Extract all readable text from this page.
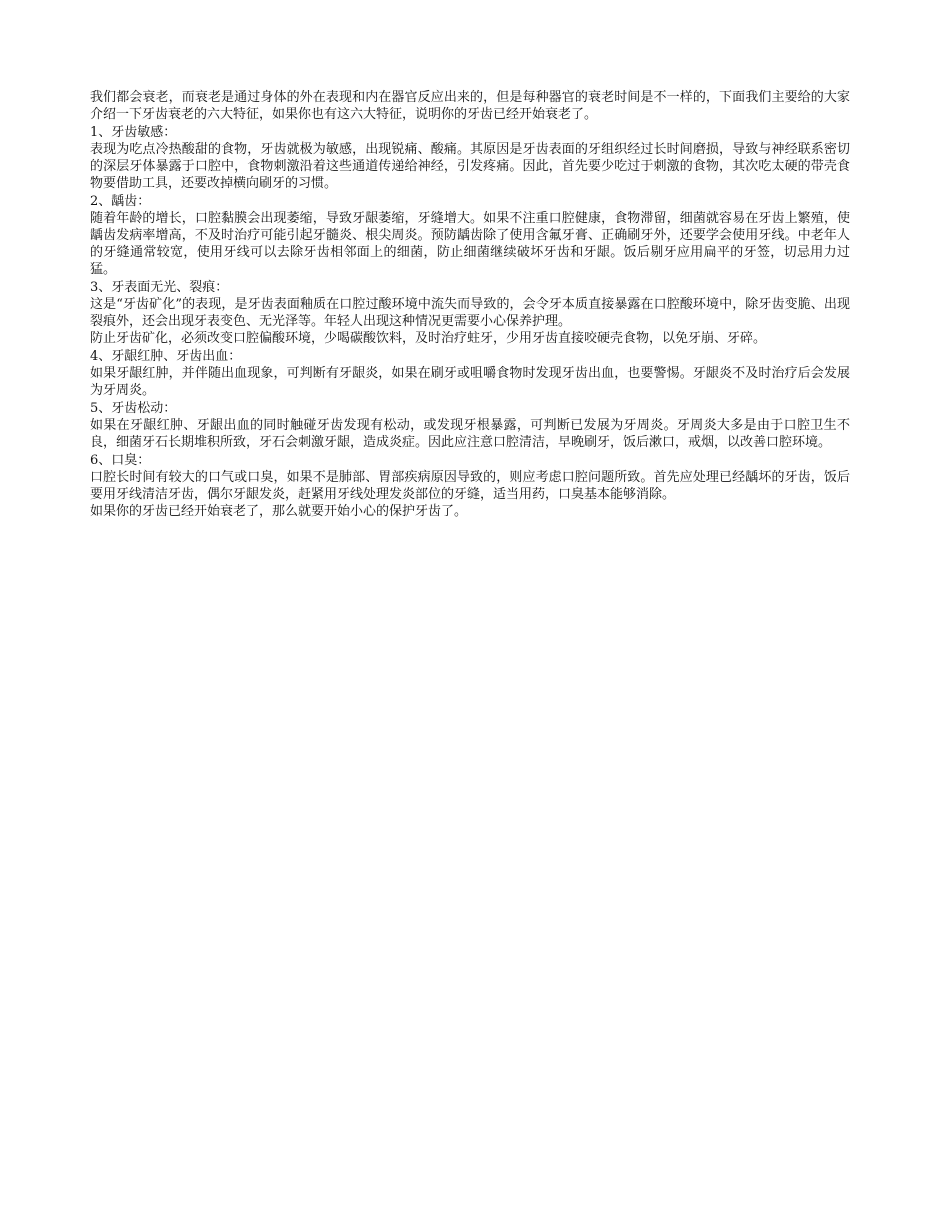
我们都会衰老，而衰老是通过身体的外在表现和内在器官反应出来的，但是每种器官的衰老时间是不一样的，下面我们主要给的大家介绍一下牙齿衰老的六大特征，如果你也有这六大特征，说明你的牙齿已经开始衰老了。

1、牙齿敏感：

表现为吃点冷热酸甜的食物，牙齿就极为敏感，出现锐痛、酸痛。其原因是牙齿表面的牙组织经过长时间磨损，导致与神经联系密切的深层牙体暴露于口腔中，食物刺激沿着这些通道传递给神经，引发疼痛。因此，首先要少吃过于刺激的食物，其次吃太硬的带壳食物要借助工具，还要改掉横向刷牙的习惯。

2、龋齿：

随着年龄的增长，口腔黏膜会出现萎缩，导致牙龈萎缩，牙缝增大。如果不注重口腔健康，食物滞留，细菌就容易在牙齿上繁殖，使龋齿发病率增高，不及时治疗可能引起牙髓炎、根尖周炎。预防龋齿除了使用含氟牙膏、正确刷牙外，还要学会使用牙线。中老年人的牙缝通常较宽，使用牙线可以去除牙齿相邻面上的细菌，防止细菌继续破坏牙齿和牙龈。饭后剔牙应用扁平的牙签，切忌用力过猛。

3、牙表面无光、裂痕：

这是“牙齿矿化”的表现，是牙齿表面釉质在口腔过酸环境中流失而导致的，会令牙本质直接暴露在口腔酸环境中，除牙齿变脆、出现裂痕外，还会出现牙表变色、无光泽等。年轻人出现这种情况更需要小心保养护理。

防止牙齿矿化，必须改变口腔偏酸环境，少喝碳酸饮料，及时治疗蛀牙，少用牙齿直接咬硬壳食物，以免牙崩、牙碎。

4、牙龈红肿、牙齿出血：

如果牙龈红肿，并伴随出血现象，可判断有牙龈炎，如果在刷牙或咀嚼食物时发现牙齿出血，也要警惕。牙龈炎不及时治疗后会发展为牙周炎。

5、牙齿松动：

如果在牙龈红肿、牙龈出血的同时触碰牙齿发现有松动，或发现牙根暴露，可判断已发展为牙周炎。牙周炎大多是由于口腔卫生不良，细菌牙石长期堆积所致，牙石会刺激牙龈，造成炎症。因此应注意口腔清洁，早晚刷牙，饭后漱口，戒烟，以改善口腔环境。

6、口臭：

口腔长时间有较大的口气或口臭，如果不是肺部、胃部疾病原因导致的，则应考虑口腔问题所致。首先应处理已经龋坏的牙齿，饭后要用牙线清洁牙齿，偶尔牙龈发炎，赶紧用牙线处理发炎部位的牙缝，适当用药，口臭基本能够消除。

如果你的牙齿已经开始衰老了，那么就要开始小心的保护牙齿了。
